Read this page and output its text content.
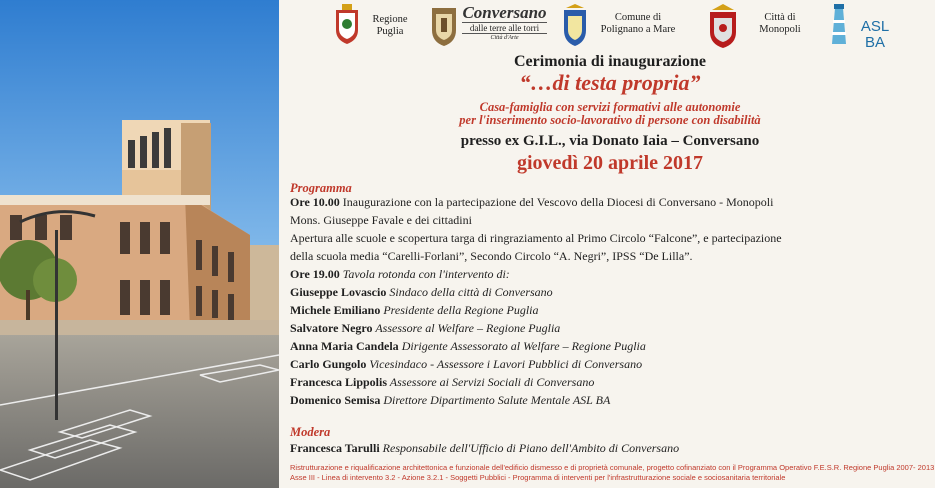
Regione
Puglia
Conversano
dalle terre alle torri
Città d'Arte
Comune di
Polignano a Mare
Città di
Monopoli	ASL BA
Cerimonia di inaugurazione
“…di testa propria”
Casa-famiglia con servizi formativi alle autonomie
per l'inserimento socio-lavorativo di persone con disabilità
presso ex G.I.L., via Donato Iaia – Conversano
giovedì 20 aprile 2017
Programma
Ore 10.00 Inaugurazione con la partecipazione del Vescovo della Diocesi di Conversano - Monopoli
Mons. Giuseppe Favale e dei cittadini
Apertura alle scuole e scopertura targa di ringraziamento al Primo Circolo “Falcone”, e partecipazione
della scuola media “Carelli-Forlani”, Secondo Circolo “A. Negri”, IPSS “De Lilla”.
Ore 19.00 Tavola rotonda con l'intervento di:
Giuseppe Lovascio Sindaco della città di Conversano
Michele Emiliano Presidente della Regione Puglia
Salvatore Negro Assessore al Welfare – Regione Puglia
Anna Maria Candela Dirigente Assessorato al Welfare – Regione Puglia
Carlo Gungolo Vicesindaco - Assessore i Lavori Pubblici di Conversano
Francesca Lippolis Assessore ai Servizi Sociali di Conversano
Domenico Semisa Direttore Dipartimento Salute Mentale ASL BA
Modera
Francesca Tarulli Responsabile dell'Ufficio di Piano dell'Ambito di Conversano
Ristrutturazione e riqualificazione architettonica e funzionale dell'edificio dismesso e di proprietà comunale, progetto cofinanziato con il Programma Operativo F.E.S.R. Regione Puglia 2007- 2013
Asse III - Linea di intervento 3.2 - Azione 3.2.1 - Soggetti Pubblici - Programma di interventi per l'infrastrutturazione sociale e sociosanitaria territoriale
